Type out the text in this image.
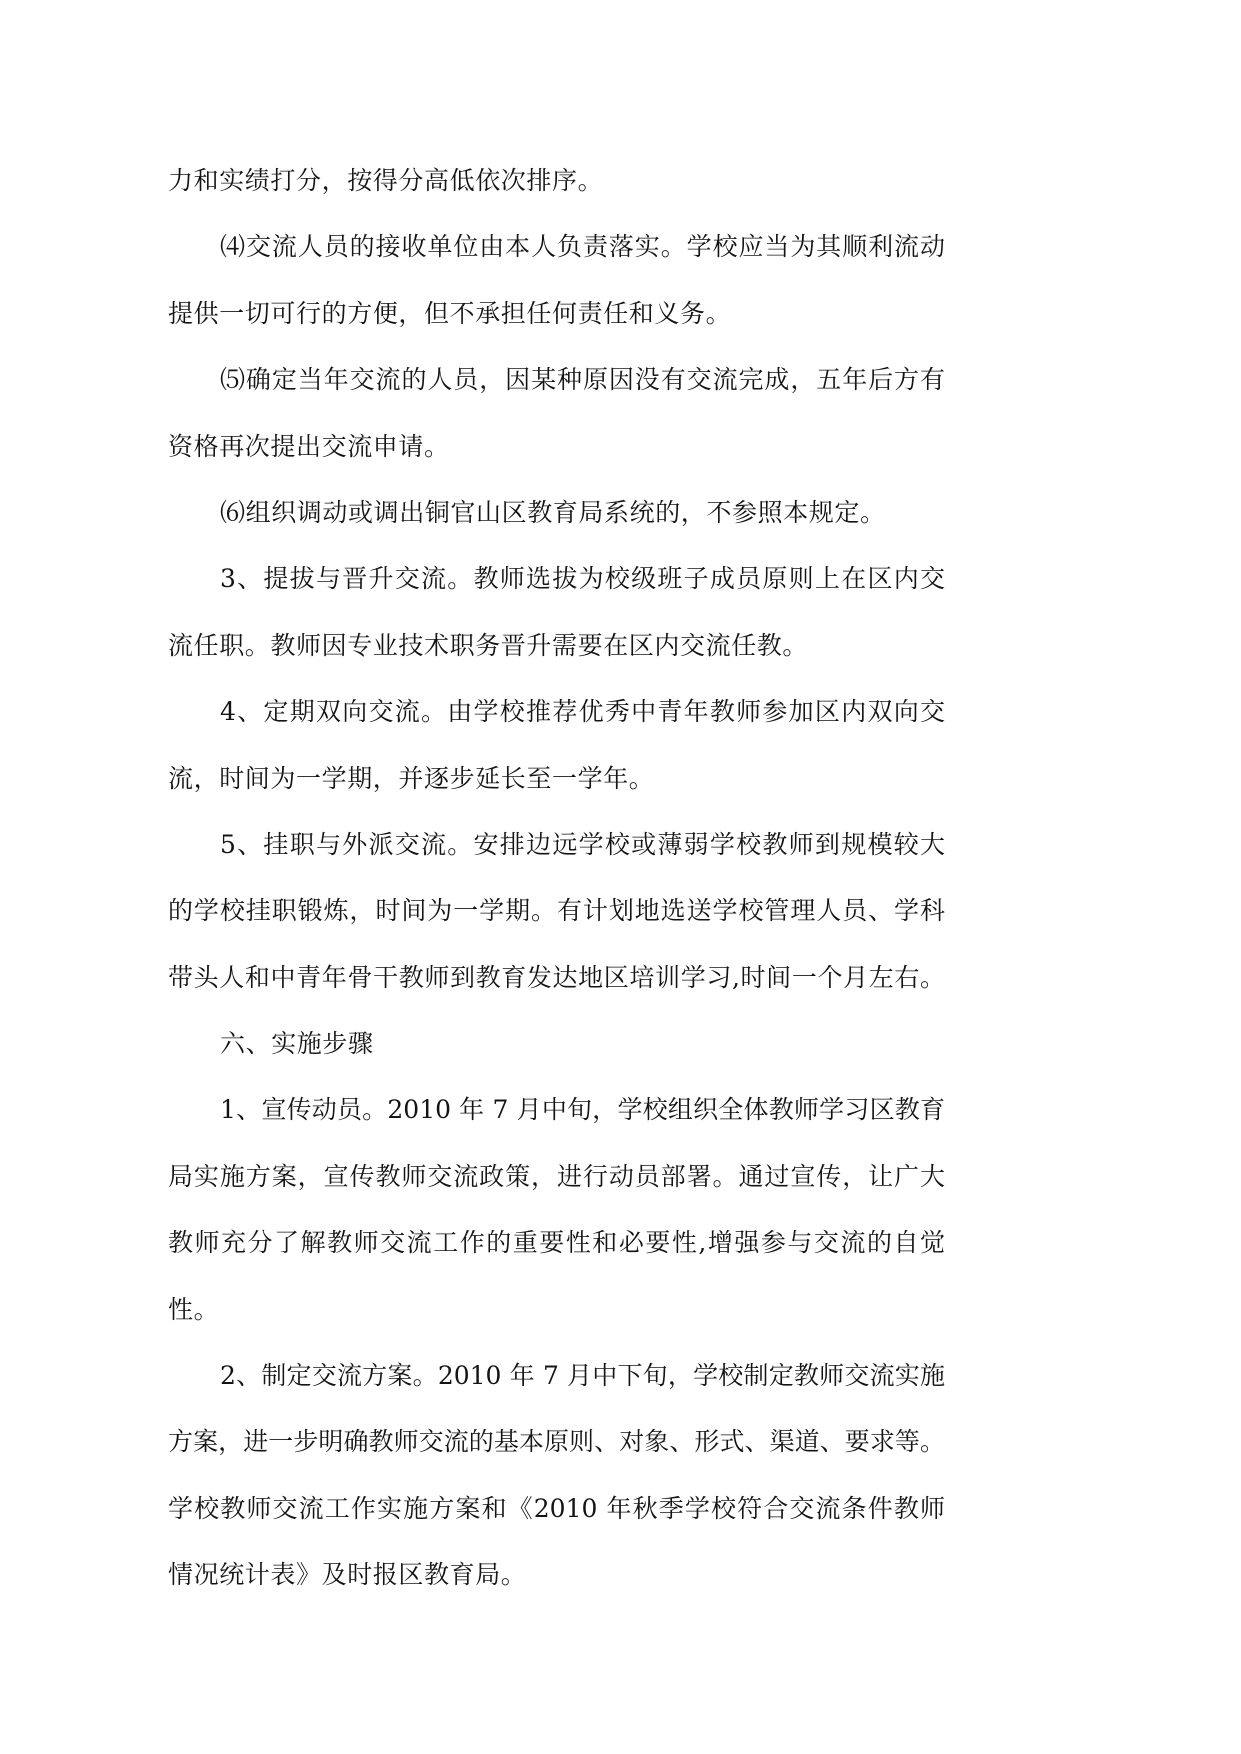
力和实绩打分，按得分高低依次排序。
⑷交流人员的接收单位由本人负责落实。学校应当为其顺利流动
提供一切可行的方便，但不承担任何责任和义务。
⑸确定当年交流的人员，因某种原因没有交流完成，五年后方有
资格再次提出交流申请。
⑹组织调动或调出铜官山区教育局系统的，不参照本规定。
3、提拔与晋升交流。教师选拔为校级班子成员原则上在区内交
流任职。教师因专业技术职务晋升需要在区内交流任教。
4、定期双向交流。由学校推荐优秀中青年教师参加区内双向交
流，时间为一学期，并逐步延长至一学年。
5、挂职与外派交流。安排边远学校或薄弱学校教师到规模较大
的学校挂职锻炼，时间为一学期。有计划地选送学校管理人员、学科
带头人和中青年骨干教师到教育发达地区培训学习,时间一个月左右。
六、实施步骤
1、宣传动员。2010 年 7 月中旬，学校组织全体教师学习区教育
局实施方案，宣传教师交流政策，进行动员部署。通过宣传，让广大
教师充分了解教师交流工作的重要性和必要性,增强参与交流的自觉
性。
2、制定交流方案。2010 年 7 月中下旬，学校制定教师交流实施
方案，进一步明确教师交流的基本原则、对象、形式、渠道、要求等。
学校教师交流工作实施方案和《2010 年秋季学校符合交流条件教师
情况统计表》及时报区教育局。
